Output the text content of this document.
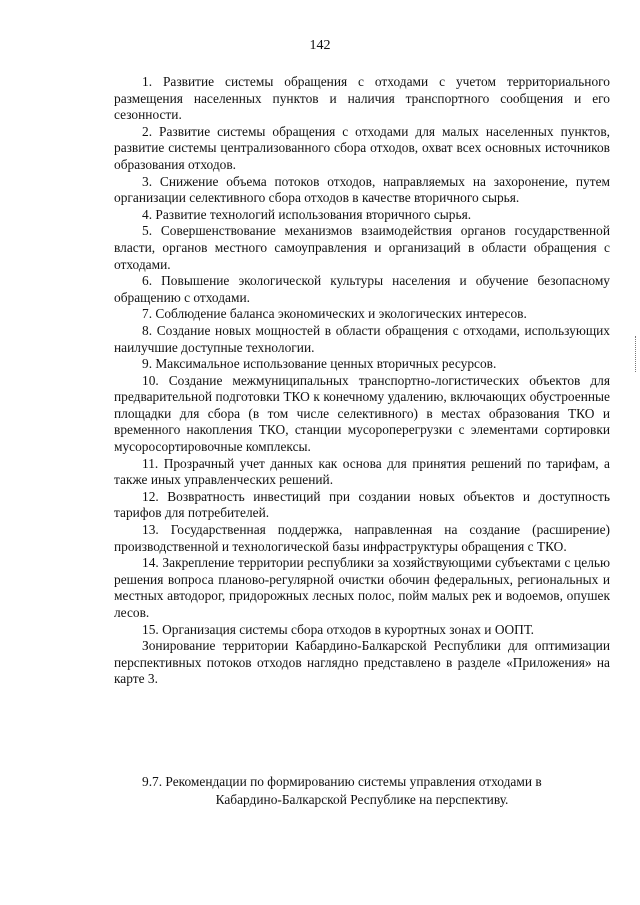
142

1. Развитие системы обращения с отходами с учетом территориального размещения населенных пунктов и наличия транспортного сообщения и его сезонности.

2. Развитие системы обращения с отходами для малых населенных пунктов, развитие системы централизованного сбора отходов, охват всех основных источников образования отходов.

3. Снижение объема потоков отходов, направляемых на захоронение, путем организации селективного сбора отходов в качестве вторичного сырья.

4. Развитие технологий использования вторичного сырья.

5. Совершенствование механизмов взаимодействия органов государственной власти, органов местного самоуправления и организаций в области обращения с отходами.

6. Повышение экологической культуры населения и обучение безопасному обращению с отходами.

7. Соблюдение баланса экономических и экологических интересов.

8. Создание новых мощностей в области обращения с отходами, использующих наилучшие доступные технологии.

9. Максимальное использование ценных вторичных ресурсов.

10. Создание межмуниципальных транспортно-логистических объектов для предварительной подготовки ТКО к конечному удалению, включающих обустроенные площадки для сбора (в том числе селективного) в местах образования ТКО и временного накопления ТКО, станции мусороперегрузки с элементами сортировки мусоросортировочные комплексы.

11. Прозрачный учет данных как основа для принятия решений по тарифам, а также иных управленческих решений.

12. Возвратность инвестиций при создании новых объектов и доступность тарифов для потребителей.

13. Государственная поддержка, направленная на создание (расширение) производственной и технологической базы инфраструктуры обращения с ТКО.

14. Закрепление территории республики за хозяйствующими субъектами с целью решения вопроса планово-регулярной очистки обочин федеральных, региональных и местных автодорог, придорожных лесных полос, пойм малых рек и водоемов, опушек лесов.

15. Организация системы сбора отходов в курортных зонах и ООПТ.

Зонирование территории Кабардино-Балкарской Республики для оптимизации перспективных потоков отходов наглядно представлено в разделе «Приложения» на карте 3.

9.7. Рекомендации по формированию системы управления отходами в
Кабардино-Балкарской Республике на перспективу.
